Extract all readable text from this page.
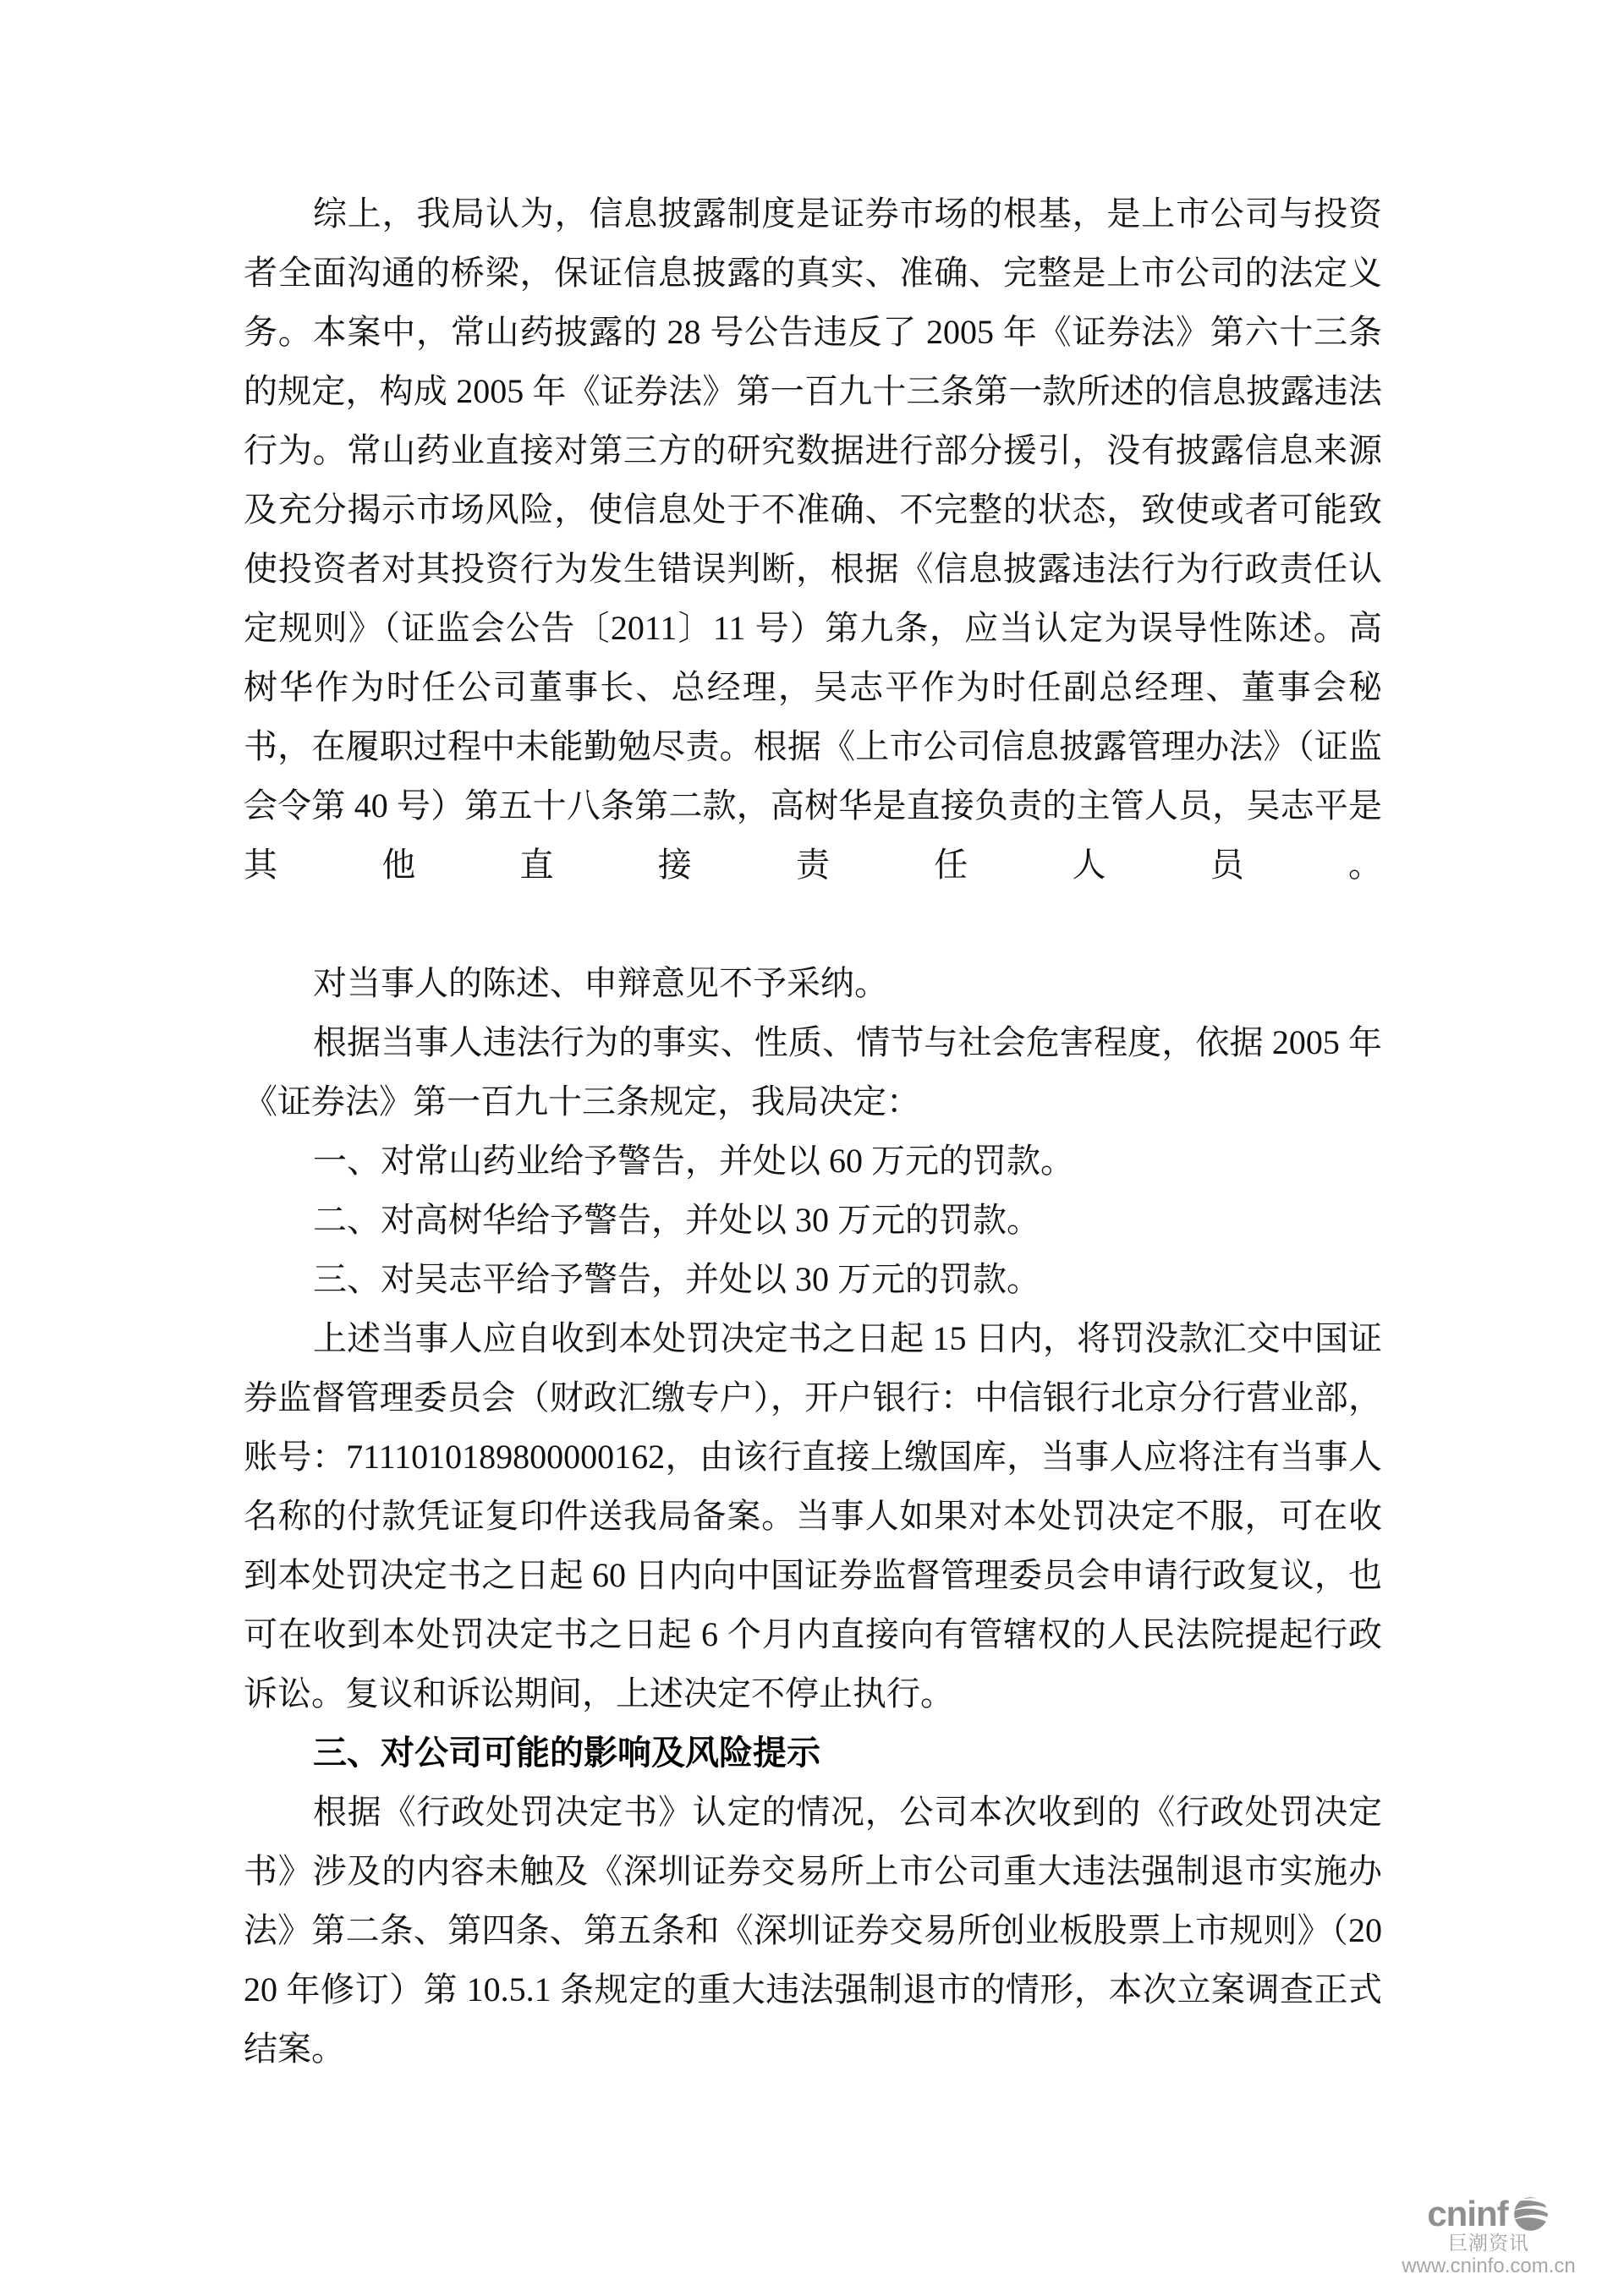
综上，我局认为，信息披露制度是证券市场的根基，是上市公司与投资者全面沟通的桥梁，保证信息披露的真实、准确、完整是上市公司的法定义务。本案中，常山药披露的 28 号公告违反了 2005 年《证券法》第六十三条的规定，构成 2005 年《证券法》第一百九十三条第一款所述的信息披露违法行为。常山药业直接对第三方的研究数据进行部分援引，没有披露信息来源及充分揭示市场风险，使信息处于不准确、不完整的状态，致使或者可能致使投资者对其投资行为发生错误判断，根据《信息披露违法行为行政责任认定规则》（证监会公告〔2011〕11 号）第九条，应当认定为误导性陈述。高树华作为时任公司董事长、总经理，吴志平作为时任副总经理、董事会秘书，在履职过程中未能勤勉尽责。根据《上市公司信息披露管理办法》（证监会令第 40 号）第五十八条第二款，高树华是直接负责的主管人员，吴志平是其他直接责任人员。

对当事人的陈述、申辩意见不予采纳。

根据当事人违法行为的事实、性质、情节与社会危害程度，依据 2005 年《证券法》第一百九十三条规定，我局决定：

一、对常山药业给予警告，并处以 60 万元的罚款。

二、对高树华给予警告，并处以 30 万元的罚款。

三、对吴志平给予警告，并处以 30 万元的罚款。

上述当事人应自收到本处罚决定书之日起 15 日内，将罚没款汇交中国证券监督管理委员会（财政汇缴专户），开户银行：中信银行北京分行营业部，账号：7111010189800000162，由该行直接上缴国库，当事人应将注有当事人名称的付款凭证复印件送我局备案。当事人如果对本处罚决定不服，可在收到本处罚决定书之日起 60 日内向中国证券监督管理委员会申请行政复议，也可在收到本处罚决定书之日起 6 个月内直接向有管辖权的人民法院提起行政诉讼。复议和诉讼期间，上述决定不停止执行。

三、对公司可能的影响及风险提示

根据《行政处罚决定书》认定的情况，公司本次收到的《行政处罚决定书》涉及的内容未触及《深圳证券交易所上市公司重大违法强制退市实施办法》第二条、第四条、第五条和《深圳证券交易所创业板股票上市规则》（2020 年修订）第 10.5.1 条规定的重大违法强制退市的情形，本次立案调查正式结案。

cninf
巨潮资讯
www.cninfo.com.cn
